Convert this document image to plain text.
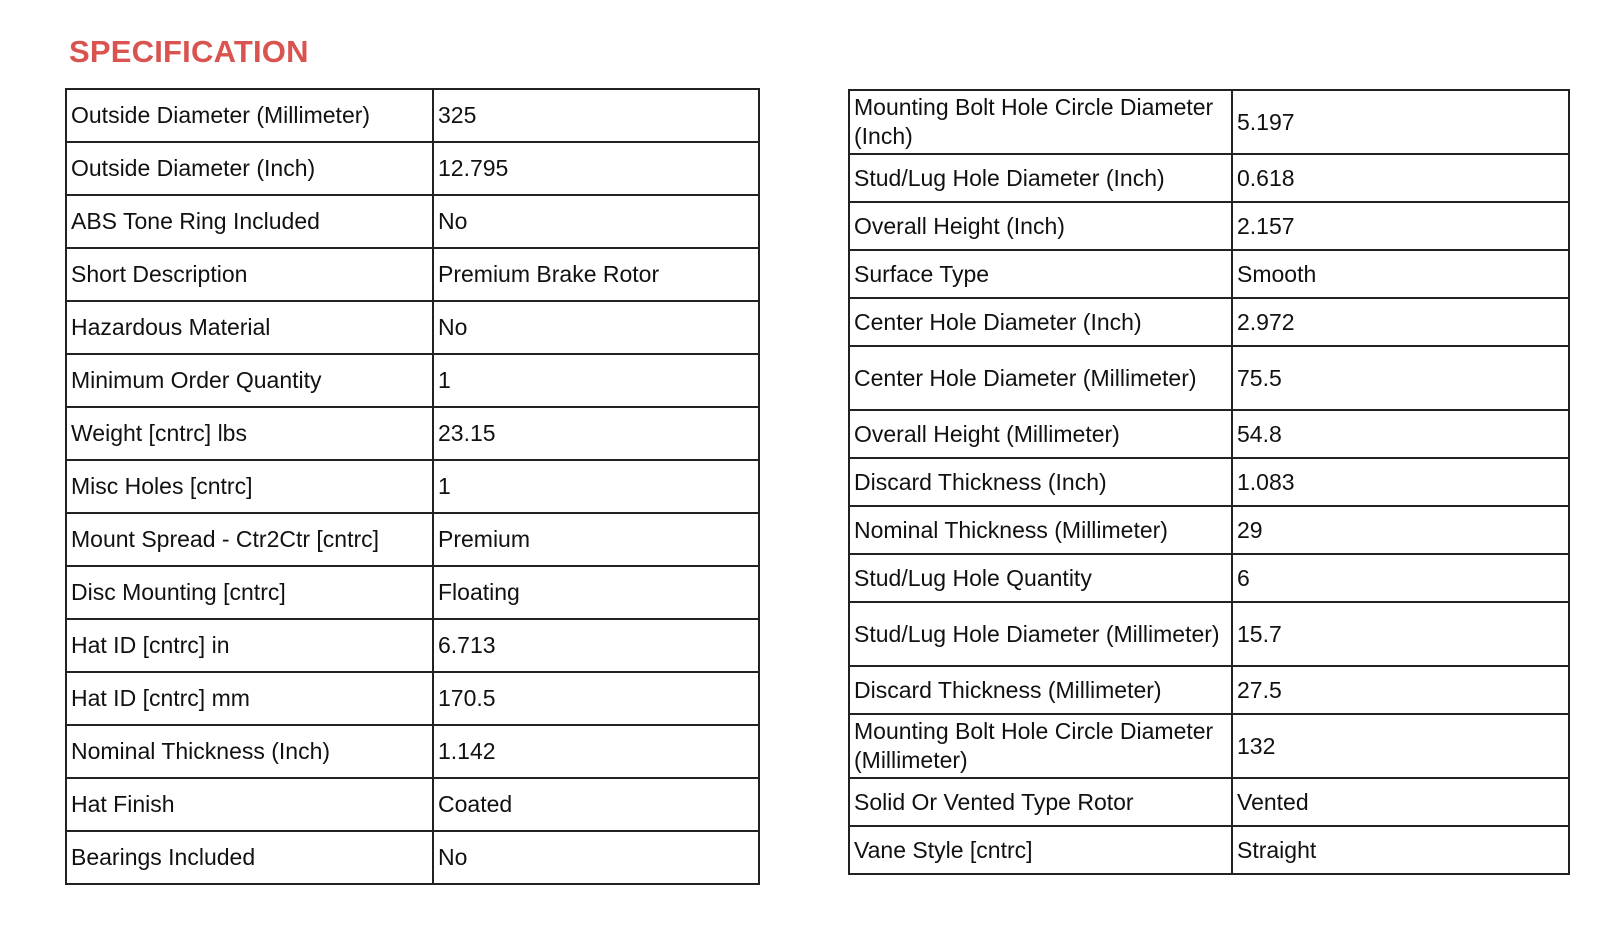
SPECIFICATION
Outside Diameter (Millimeter)	325
Outside Diameter (Inch)	12.795
ABS Tone Ring Included	No
Short Description	Premium Brake Rotor
Hazardous Material	No
Minimum Order Quantity	1
Weight [cntrc] lbs	23.15
Misc Holes [cntrc]	1
Mount Spread - Ctr2Ctr [cntrc]	Premium
Disc Mounting [cntrc]	Floating
Hat ID [cntrc] in	6.713
Hat ID [cntrc] mm	170.5
Nominal Thickness (Inch)	1.142
Hat Finish	Coated
Bearings Included	No
Mounting Bolt Hole Circle Diameter (Inch)	5.197
Stud/Lug Hole Diameter (Inch)	0.618
Overall Height (Inch)	2.157
Surface Type	Smooth
Center Hole Diameter (Inch)	2.972
Center Hole Diameter (Millimeter)	75.5
Overall Height (Millimeter)	54.8
Discard Thickness (Inch)	1.083
Nominal Thickness (Millimeter)	29
Stud/Lug Hole Quantity	6
Stud/Lug Hole Diameter (Millimeter)	15.7
Discard Thickness (Millimeter)	27.5
Mounting Bolt Hole Circle Diameter (Millimeter)	132
Solid Or Vented Type Rotor	Vented
Vane Style [cntrc]	Straight
